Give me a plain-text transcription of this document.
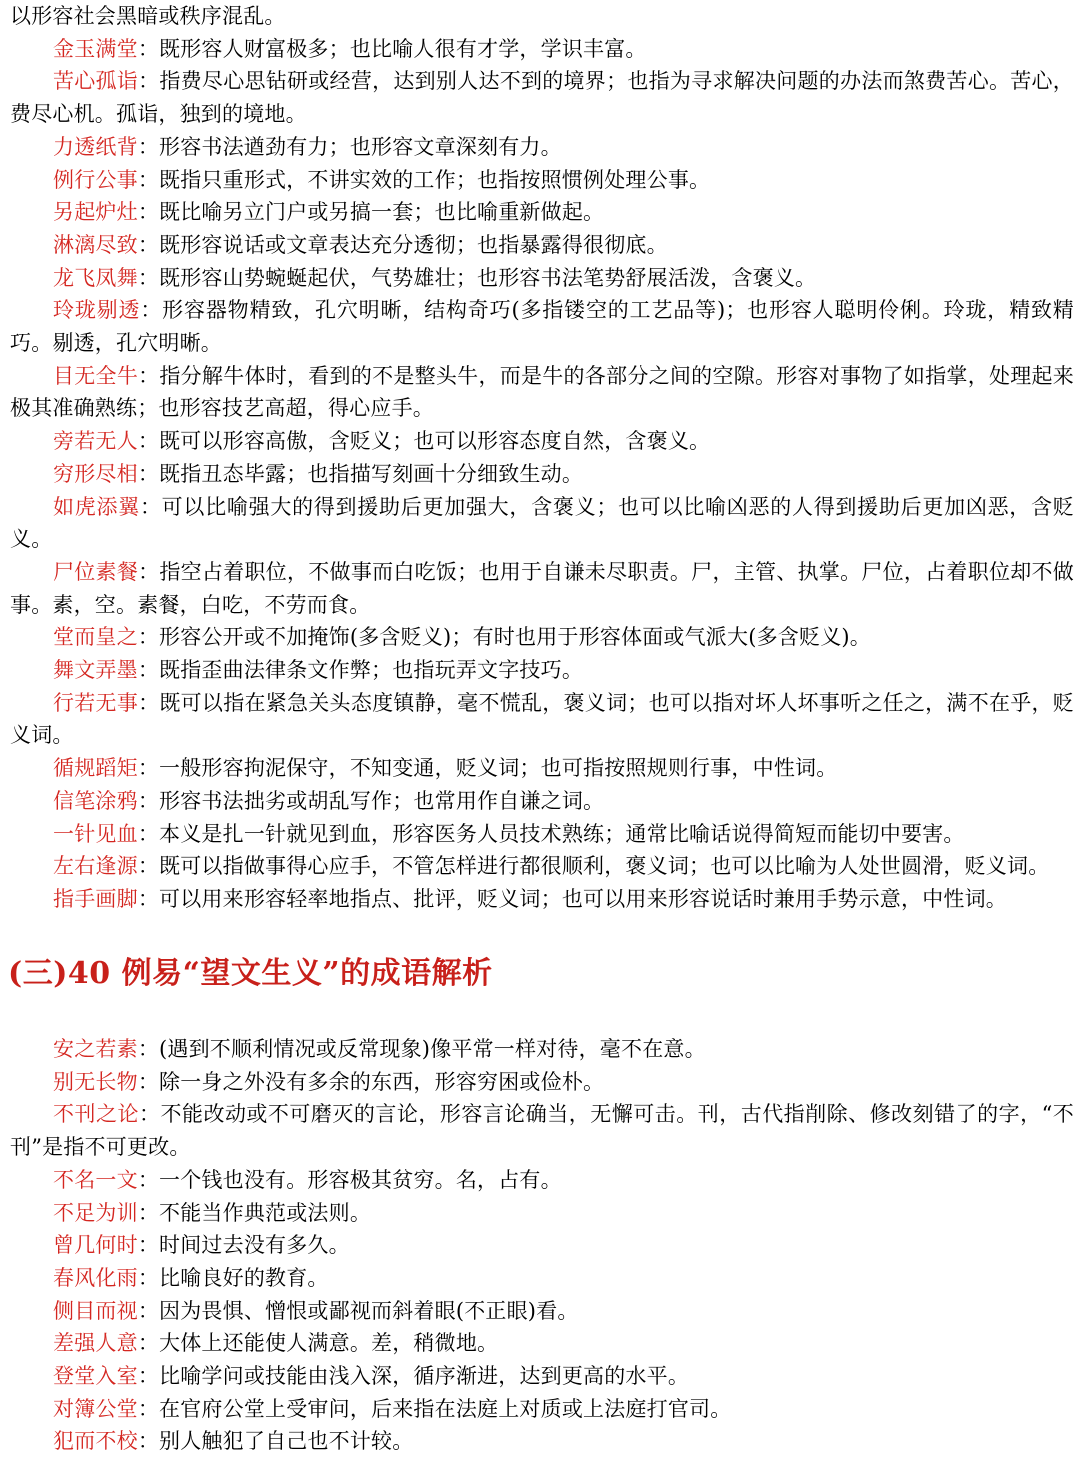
以形容社会黑暗或秩序混乱。

金玉满堂：既形容人财富极多；也比喻人很有才学，学识丰富。

苦心孤诣：指费尽心思钻研或经营，达到别人达不到的境界；也指为寻求解决问题的办法而煞费苦心。苦心，费尽心机。孤诣，独到的境地。

力透纸背：形容书法遒劲有力；也形容文章深刻有力。

例行公事：既指只重形式，不讲实效的工作；也指按照惯例处理公事。

另起炉灶：既比喻另立门户或另搞一套；也比喻重新做起。

淋漓尽致：既形容说话或文章表达充分透彻；也指暴露得很彻底。

龙飞凤舞：既形容山势蜿蜒起伏，气势雄壮；也形容书法笔势舒展活泼，含褒义。

玲珑剔透：形容器物精致，孔穴明晰，结构奇巧(多指镂空的工艺品等)；也形容人聪明伶俐。玲珑，精致精巧。剔透，孔穴明晰。

目无全牛：指分解牛体时，看到的不是整头牛，而是牛的各部分之间的空隙。形容对事物了如指掌，处理起来极其准确熟练；也形容技艺高超，得心应手。

旁若无人：既可以形容高傲，含贬义；也可以形容态度自然，含褒义。

穷形尽相：既指丑态毕露；也指描写刻画十分细致生动。

如虎添翼：可以比喻强大的得到援助后更加强大，含褒义；也可以比喻凶恶的人得到援助后更加凶恶，含贬义。

尸位素餐：指空占着职位，不做事而白吃饭；也用于自谦未尽职责。尸，主管、执掌。尸位，占着职位却不做事。素，空。素餐，白吃，不劳而食。

堂而皇之：形容公开或不加掩饰(多含贬义)；有时也用于形容体面或气派大(多含贬义)。

舞文弄墨：既指歪曲法律条文作弊；也指玩弄文字技巧。

行若无事：既可以指在紧急关头态度镇静，毫不慌乱，褒义词；也可以指对坏人坏事听之任之，满不在乎，贬义词。

循规蹈矩：一般形容拘泥保守，不知变通，贬义词；也可指按照规则行事，中性词。

信笔涂鸦：形容书法拙劣或胡乱写作；也常用作自谦之词。

一针见血：本义是扎一针就见到血，形容医务人员技术熟练；通常比喻话说得简短而能切中要害。

左右逢源：既可以指做事得心应手，不管怎样进行都很顺利，褒义词；也可以比喻为人处世圆滑，贬义词。

指手画脚：可以用来形容轻率地指点、批评，贬义词；也可以用来形容说话时兼用手势示意，中性词。

(三)40 例易“望文生义”的成语解析

安之若素：(遇到不顺利情况或反常现象)像平常一样对待，毫不在意。

别无长物：除一身之外没有多余的东西，形容穷困或俭朴。

不刊之论：不能改动或不可磨灭的言论，形容言论确当，无懈可击。刊，古代指削除、修改刻错了的字，“不刊”是指不可更改。

不名一文：一个钱也没有。形容极其贫穷。名，占有。

不足为训：不能当作典范或法则。

曾几何时：时间过去没有多久。

春风化雨：比喻良好的教育。

侧目而视：因为畏惧、憎恨或鄙视而斜着眼(不正眼)看。

差强人意：大体上还能使人满意。差，稍微地。

登堂入室：比喻学问或技能由浅入深，循序渐进，达到更高的水平。

对簿公堂：在官府公堂上受审问，后来指在法庭上对质或上法庭打官司。

犯而不校：别人触犯了自己也不计较。
